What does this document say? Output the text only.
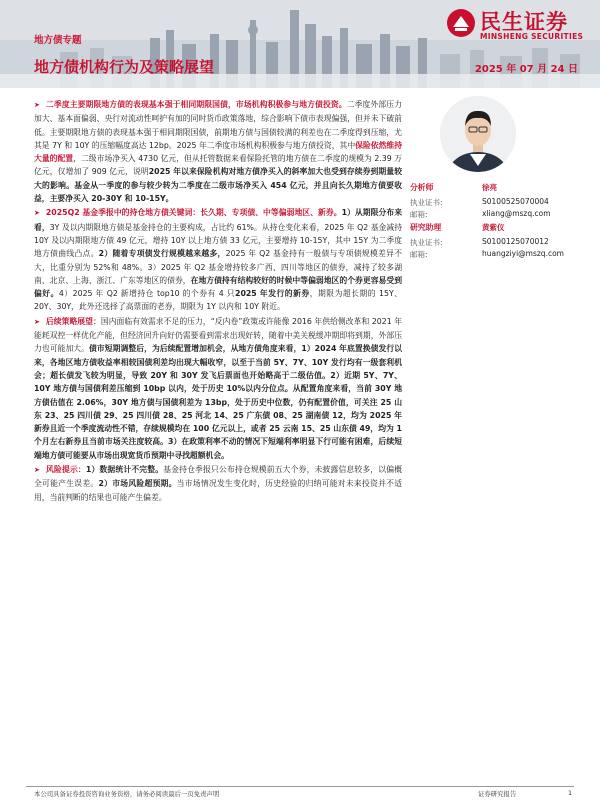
民生证券
MINSHENG SECURITIES
地方债专题
地方债机构行为及策略展望	2025 年 07 月 24 日
➤ 二季度主要期限地方债的表现基本强于相同期限国债，市场机构积极参与地方债投资。二季度外部压力加大、基本面偏弱、央行对流动性呵护有加的同时货币政策落地，综合影响下债市表现偏强，但并未下破前低。主要期限地方债的表现基本强于相同期限国债，前期地方债与国债较满的利差也在二季度得到压缩，尤其是 7Y 和 10Y 的压缩幅度高达 12bp。2025 年二季度市场机构积极参与地方债投资，其中保险依然维持大量的配置，二级市场净买入 4730 亿元，但从托管数据来看保险托管的地方债在二季度的规模为 2.39 万亿元，仅增加了 909 亿元，说明2025 年以来保险机构对地方债净买入的斜率加大也受到存续券到期量较大的影响。基金从一季度的参与较少转为二季度在二级市场净买入 454 亿元，并且向长久期地方债要收益，主要净买入 20-30Y 和 10-15Y。
➤ 2025Q2 基金季报中的持仓地方债关键词：长久期、专项债、中等偏弱地区、新券。1）从期限分布来看，3Y 及以内期限地方债是基金持仓的主要构成，占比约 61%。从持仓变化来看，2025 年 Q2 基金减持 10Y 及以内期限地方债 49 亿元，增持 10Y 以上地方债 33 亿元，主要增持 10-15Y，其中 15Y 为二季度地方债曲线凸点。2）随着专项债发行规模越来越多，2025 年 Q2 基金持有一般债与专项债规模差异不大，比重分别为 52%和 48%。3）2025 年 Q2 基金增持较多广西、四川等地区的债券，减持了较多湖南、北京、上海、浙江、广东等地区的债券，在地方债持有结构较好的时候中等偏弱地区的个券更容易受到偏好。4）2025 年 Q2 新增持仓 top10 的个券有 4 只2025 年发行的新券，期限为超长期的 15Y、20Y、30Y，此外还选择了高票面的老券，期限为 1Y 以内和 10Y 附近。
➤ 后续策略展望：国内面临有效需求不足的压力，“反内卷”政策或许能像 2016 年供给侧改革和 2021 年能耗双控一样优化产能，但经济回升向好仍需要看到需求出现好转，随着中美关税缓冲期即将到期，外部压力也可能加大。债市短期调整后，为后续配置增加机会，从地方债角度来看，1）2024 年底置换债发行以来，各地区地方债收益率相较国债利差均出现大幅收窄，以至于当前 5Y、7Y、10Y 发行均有一级套利机会；超长债发飞较为明显，导致 20Y 和 30Y 发飞后票面也开始略高于二级估值。2）近期 5Y、7Y、10Y 地方债与国债利差压缩到 10bp 以内，处于历史 10%以内分位点。从配置角度来看，当前 30Y 地方债估值在 2.06%，30Y 地方债与国债利差为 13bp，处于历史中位数，仍有配置价值，可关注 25 山东 23、25 四川债 29、25 四川债 28、25 河北 14、25 广东债 08、25 湖南债 12，均为 2025 年新券且近一个季度流动性不错，存续规模均在 100 亿元以上，或者 25 云南 15、25 山东债 49，均为 1 个月左右新券且当前市场关注度较高。3）在政策利率不动的情况下短端利率明显下行可能有困难，后续短端地方债可能要从市场出现宽货币预期中寻找超额机会。
➤ 风险提示：1）数据统计不完整。基金持仓季报只公布持仓规模前五大个券，未披露信息较多，以偏概全可能产生误差。2）市场风险超预期。当市场情况发生变化时，历史经验的归纳可能对未来投资并不适用，当前判断的结果也可能产生偏差。
分析师	徐亮
执业证书:	S0100525070004
邮箱:	xliang@mszq.com
研究助理	黄紫仪
执业证书:	S0100125070012
邮箱:	huangziyi@mszq.com
本公司具备证券投资咨询业务资格，请务必阅读最后一页免责声明	证券研究报告	1
